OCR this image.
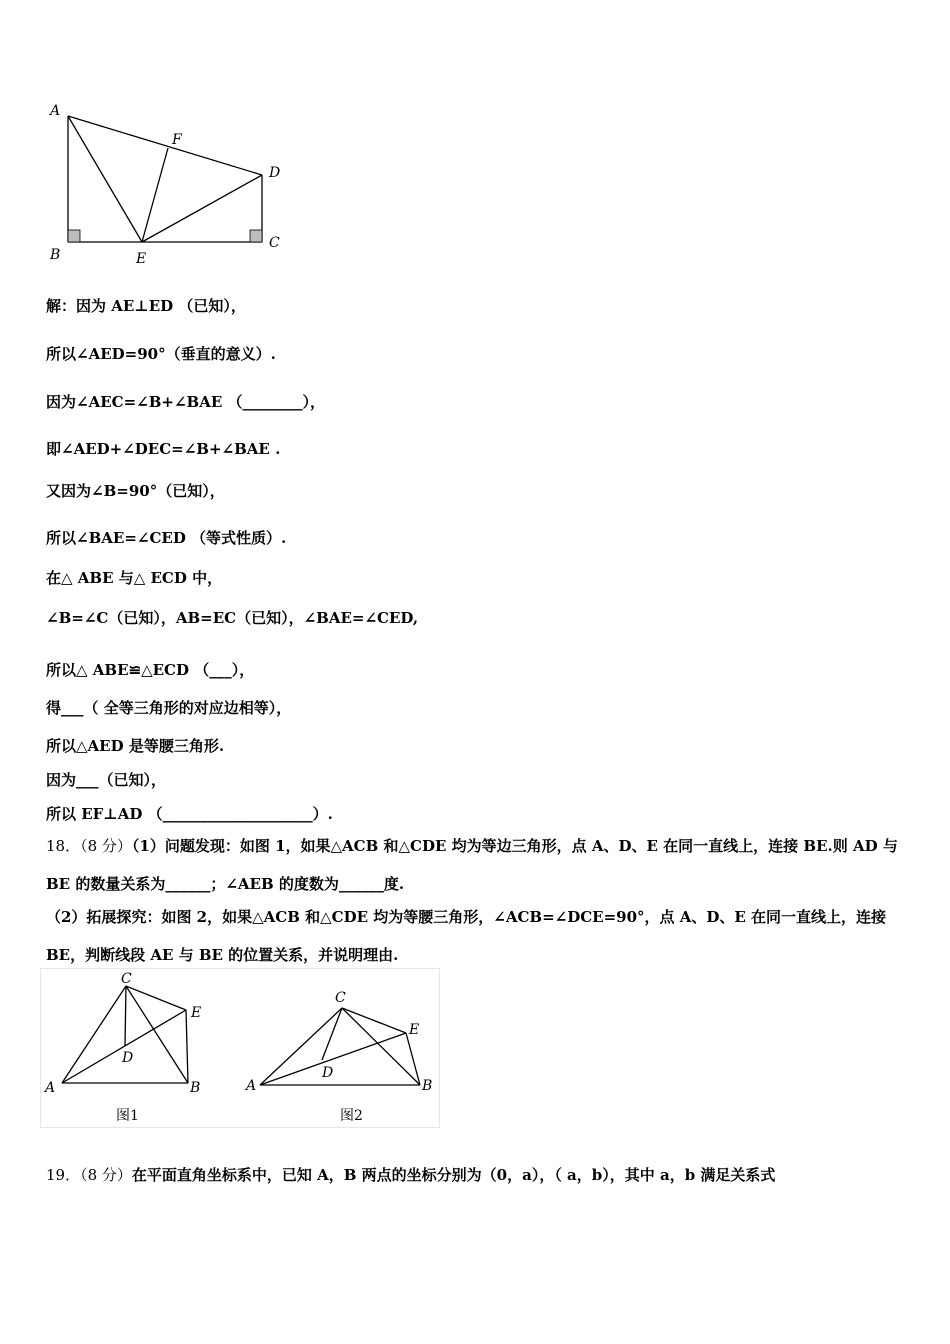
A
F
D
B	E
C
解：因为 AE⊥ED （已知），
所以∠AED=90°（垂直的意义）.
因为∠AEC=∠B+∠BAE （________），
即∠AED+∠DEC=∠B+∠BAE .
又因为∠B=90°（已知），
所以∠BAE=∠CED （等式性质）.
在△ ABE 与△ ECD 中，
∠B=∠C（已知），AB=EC（已知），∠BAE=∠CED,
所以△ ABE≌△ECD （___），
得___（ 全等三角形的对应边相等），
所以△AED 是等腰三角形.
因为___（已知），
所以 EF⊥AD （____________________）.
18．（8 分）（1）问题发现：如图 1，如果△ACB 和△CDE 均为等边三角形，点 A、D、E 在同一直线上，连接 BE.则 AD 与 BE 的数量关系为______；∠AEB 的度数为______度.
（2）拓展探究：如图 2，如果△ACB 和△CDE 均为等腰三角形，∠ACB=∠DCE=90°，点 A、D、E 在同一直线上，连接 BE，判断线段 AE 与 BE 的位置关系，并说明理由.
C
E
D
A	B
图1
C
E
D
A	B
图2
19．（8 分）在平面直角坐标系中，已知 A，B 两点的坐标分别为（0，a），（ a，b），其中 a，b 满足关系式
